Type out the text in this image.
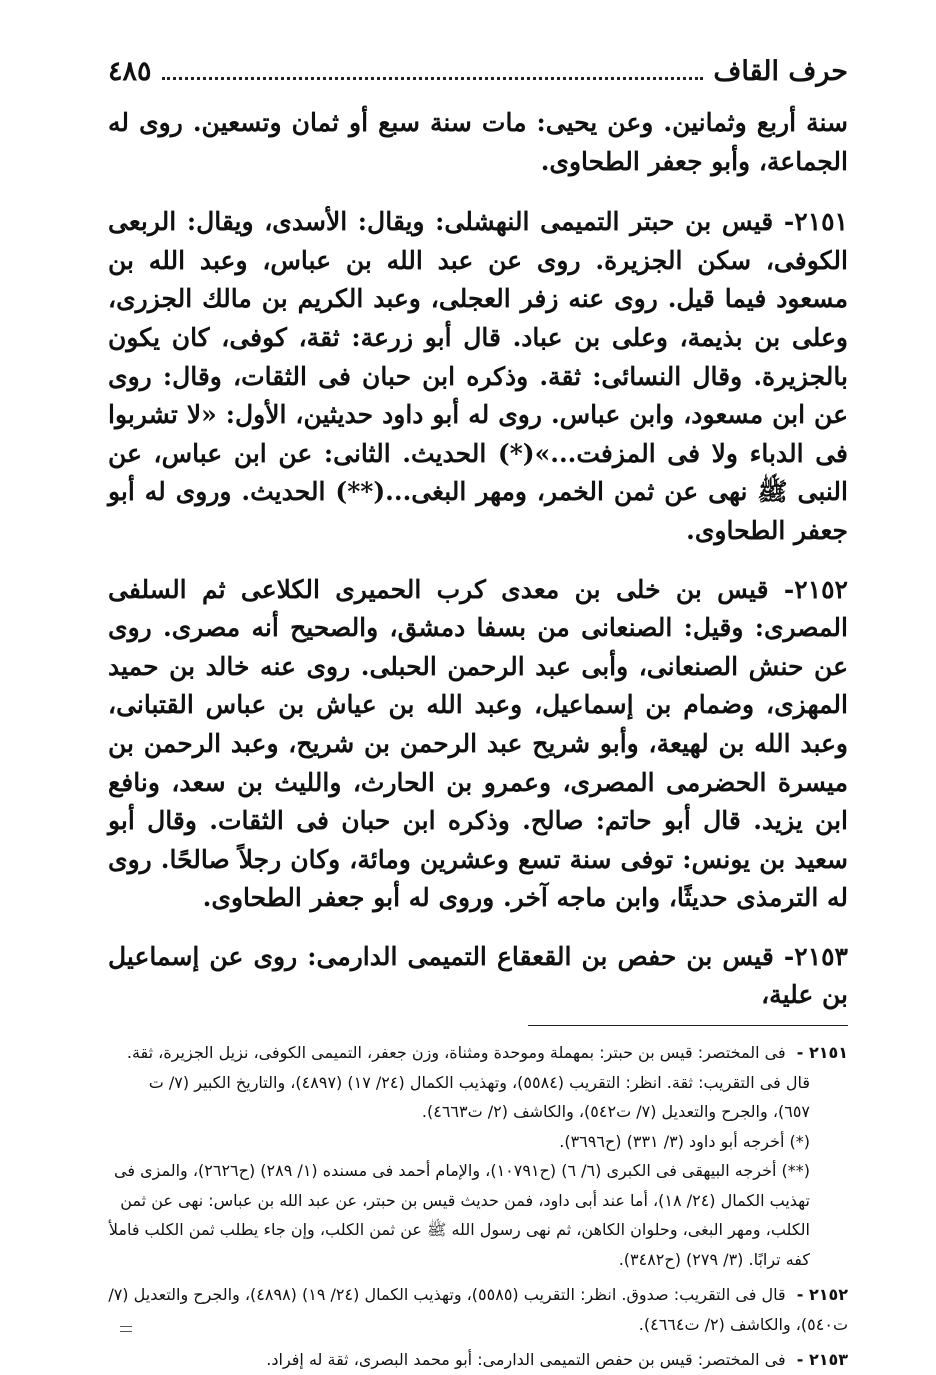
حرف القاف
٤٨٥

سنة أربع وثمانين. وعن يحيى: مات سنة سبع أو ثمان وتسعين. روى له الجماعة، وأبو جعفر الطحاوى.

٢١٥١- قيس بن حبتر التميمى النهشلى: ويقال: الأسدى، ويقال: الربعى الكوفى، سكن الجزيرة. روى عن عبد الله بن عباس، وعبد الله بن مسعود فيما قيل. روى عنه زفر العجلى، وعبد الكريم بن مالك الجزرى، وعلى بن بذيمة، وعلى بن عباد. قال أبو زرعة: ثقة، كوفى، كان يكون بالجزيرة. وقال النسائى: ثقة. وذكره ابن حبان فى الثقات، وقال: روى عن ابن مسعود، وابن عباس. روى له أبو داود حديثين، الأول: «لا تشربوا فى الدباء ولا فى المزفت...»(*) الحديث. الثانى: عن ابن عباس، عن النبى ﷺ نهى عن ثمن الخمر، ومهر البغى...(**) الحديث. وروى له أبو جعفر الطحاوى.

٢١٥٢- قيس بن خلى بن معدى كرب الحميرى الكلاعى ثم السلفى المصرى: وقيل: الصنعانى من بسفا دمشق، والصحيح أنه مصرى. روى عن حنش الصنعانى، وأبى عبد الرحمن الحبلى. روى عنه خالد بن حميد المهزى، وضمام بن إسماعيل، وعبد الله بن عياش بن عباس القتبانى، وعبد الله بن لهيعة، وأبو شريح عبد الرحمن بن شريح، وعبد الرحمن بن ميسرة الحضرمى المصرى، وعمرو بن الحارث، والليث بن سعد، ونافع ابن يزيد. قال أبو حاتم: صالح. وذكره ابن حبان فى الثقات. وقال أبو سعيد بن يونس: توفى سنة تسع وعشرين ومائة، وكان رجلاً صالحًا. روى له الترمذى حديثًا، وابن ماجه آخر. وروى له أبو جعفر الطحاوى.

٢١٥٣- قيس بن حفص بن القعقاع التميمى الدارمى: روى عن إسماعيل بن علية،

٢١٥١ - فى المختصر: قيس بن حبتر: بمهملة وموحدة ومثناة، وزن جعفر، التميمى الكوفى، نزيل الجزيرة، ثقة.

قال فى التقريب: ثقة. انظر: التقريب (٥٥٨٤)، وتهذيب الكمال (٢٤/ ١٧) (٤٨٩٧)، والتاريخ الكبير (٧/ ت ٦٥٧)، والجرح والتعديل (٧/ ت٥٤٢)، والكاشف (٢/ ت٤٦٦٣).

(*) أخرجه أبو داود (٣/ ٣٣١) (ح٣٦٩٦).

(**) أخرجه البيهقى فى الكبرى (٦/ ٦) (ح١٠٧٩١)، والإمام أحمد فى مسنده (١/ ٢٨٩) (ح٢٦٢٦)، والمزى فى تهذيب الكمال (٢٤/ ١٨)، أما عند أبى داود، فمن حديث قيس بن حبتر، عن عبد الله بن عباس: نهى عن ثمن الكلب، ومهر البغى، وحلوان الكاهن، ثم نهى رسول الله ﷺ عن ثمن الكلب، وإن جاء يطلب ثمن الكلب فاملأ كفه ترابًا. (٣/ ٢٧٩) (ح٣٤٨٢).

٢١٥٢ - قال فى التقريب: صدوق. انظر: التقريب (٥٥٨٥)، وتهذيب الكمال (٢٤/ ١٩) (٤٨٩٨)، والجرح والتعديل (٧/ ت٥٤٠)، والكاشف (٢/ ت٤٦٦٤).

٢١٥٣ - فى المختصر: قيس بن حفص التميمى الدارمى: أبو محمد البصرى، ثقة له إفراد.
